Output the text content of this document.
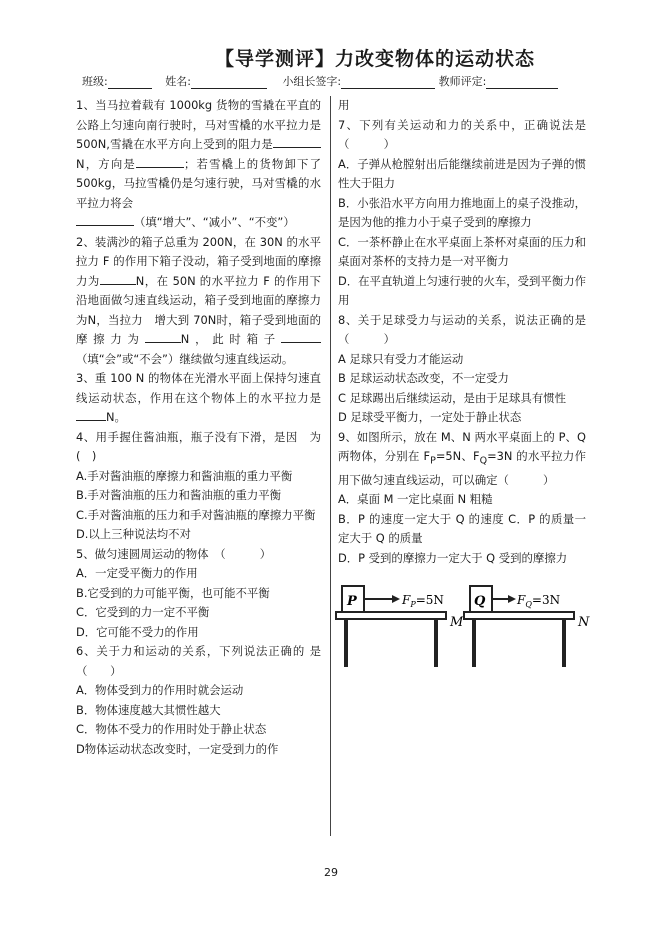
【导学测评】力改变物体的运动状态
班级:	姓名:	小组长签字:	教师评定:

1、当马拉着载有 1000kg 货物的雪撬在平直的公路上匀速向南行驶时，马对雪橇的水平拉力是 500N,雪撬在水平方向上受到的阻力是N，方向是	；若雪橇上的货物卸下了 500kg，马拉雪橇仍是匀速行驶，马对雪橇的水平拉力将会
（填“增大”、“减小”、“不变”）

2、装满沙的箱子总重为 200N，在 30N 的水平拉力 F 的作用下箱子没动，箱子受到地面的摩擦力为	N，在 50N 的水平拉力 F 的作用下沿地面做匀速直线运动，箱子受到地面的摩擦力为N，当拉力　增大到 70N时，箱子受到地面的摩擦力为	N，此时箱子（填“会”或“不会”）继续做匀速直线运动。

3、重 100 N 的物体在光滑水平面上保持匀速直线运动状态，作用在这个物体上的水平拉力是N。

4、用手握住酱油瓶，瓶子没有下滑，是因　为(　)

A.手对酱油瓶的摩擦力和酱油瓶的重力平衡

B.手对酱油瓶的压力和酱油瓶的重力平衡

C.手对酱油瓶的压力和手对酱油瓶的摩擦力平衡

D.以上三种说法均不对

5、做匀速圆周运动的物体　（　　　）

A．一定受平衡力的作用

B.它受到的力可能平衡，也可能不平衡

C．它受到的力一定不平衡

D．它可能不受力的作用

6、关于力和运动的关系，下列说法正确的 是（　　）

A．物体受到力的作用时就会运动

B．物体速度越大其惯性越大

C．物体不受力的作用时处于静止状态

D物体运动状态改变时，一定受到力的作

用

7、下列有关运动和力的关系中，正确说法是（　　　）

A．子弹从枪膛射出后能继续前进是因为子弹的惯性大于阻力

B．小张沿水平方向用力推地面上的桌子没推动，是因为他的推力小于桌子受到的摩擦力

C．一茶杯静止在水平桌面上茶杯对桌面的压力和桌面对茶杯的支持力是一对平衡力

D．在平直轨道上匀速行驶的火车，受到平衡力作用

8、关于足球受力与运动的关系，说法正确的是（　　　）

A 足球只有受力才能运动

B 足球运动状态改变，不一定受力

C 足球踢出后继续运动，是由于足球具有惯性

D 足球受平衡力，一定处于静止状态

9、如图所示，放在 M、N 两水平桌面上的 P、Q 两物体，分别在 $F_P=5N$、$F_Q=3N$ 的水平拉力作用下做匀速直线运动，可以确定（　　　）

A．桌面 M 一定比桌面 N 粗糙

B．P 的速度一定大于 Q 的速度 C．P 的质量一定大于 Q 的质量

D．P 受到的摩擦力一定大于 Q 受到的摩擦力

P	$F_P=5N$
M
Q	$F_Q=3N$
N
29
